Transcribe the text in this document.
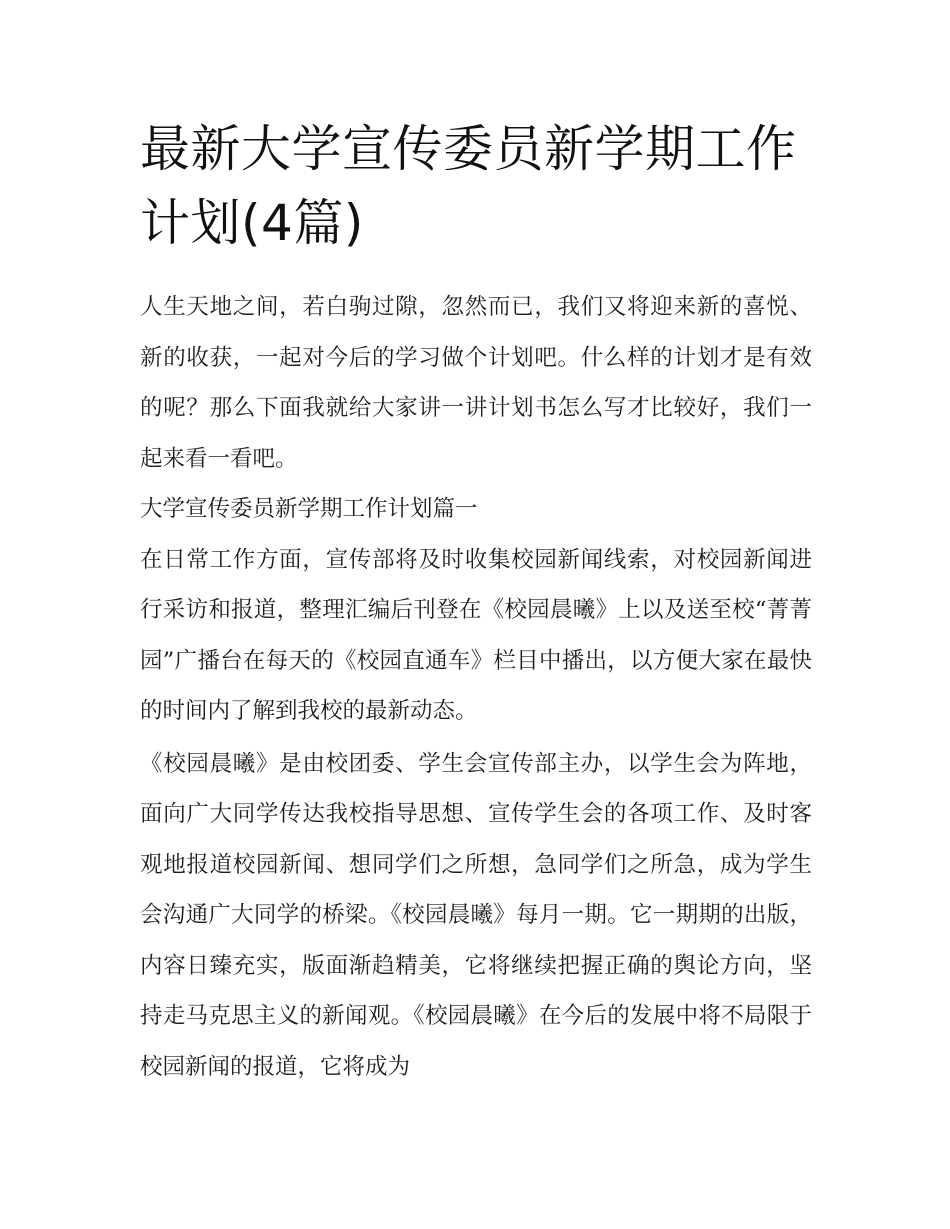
最新大学宣传委员新学期工作计划(4篇)

人生天地之间，若白驹过隙，忽然而已，我们又将迎来新的喜悦、新的收获，一起对今后的学习做个计划吧。什么样的计划才是有效的呢？那么下面我就给大家讲一讲计划书怎么写才比较好，我们一起来看一看吧。

大学宣传委员新学期工作计划篇一

在日常工作方面，宣传部将及时收集校园新闻线索，对校园新闻进行采访和报道，整理汇编后刊登在《校园晨曦》上以及送至校“菁菁园”广播台在每天的《校园直通车》栏目中播出，以方便大家在最快的时间内了解到我校的最新动态。

《校园晨曦》是由校团委、学生会宣传部主办，以学生会为阵地，面向广大同学传达我校指导思想、宣传学生会的各项工作、及时客观地报道校园新闻、想同学们之所想，急同学们之所急，成为学生会沟通广大同学的桥梁。《校园晨曦》每月一期。它一期期的出版，内容日臻充实，版面渐趋精美，它将继续把握正确的舆论方向，坚持走马克思主义的新闻观。《校园晨曦》在今后的发展中将不局限于校园新闻的报道，它将成为
